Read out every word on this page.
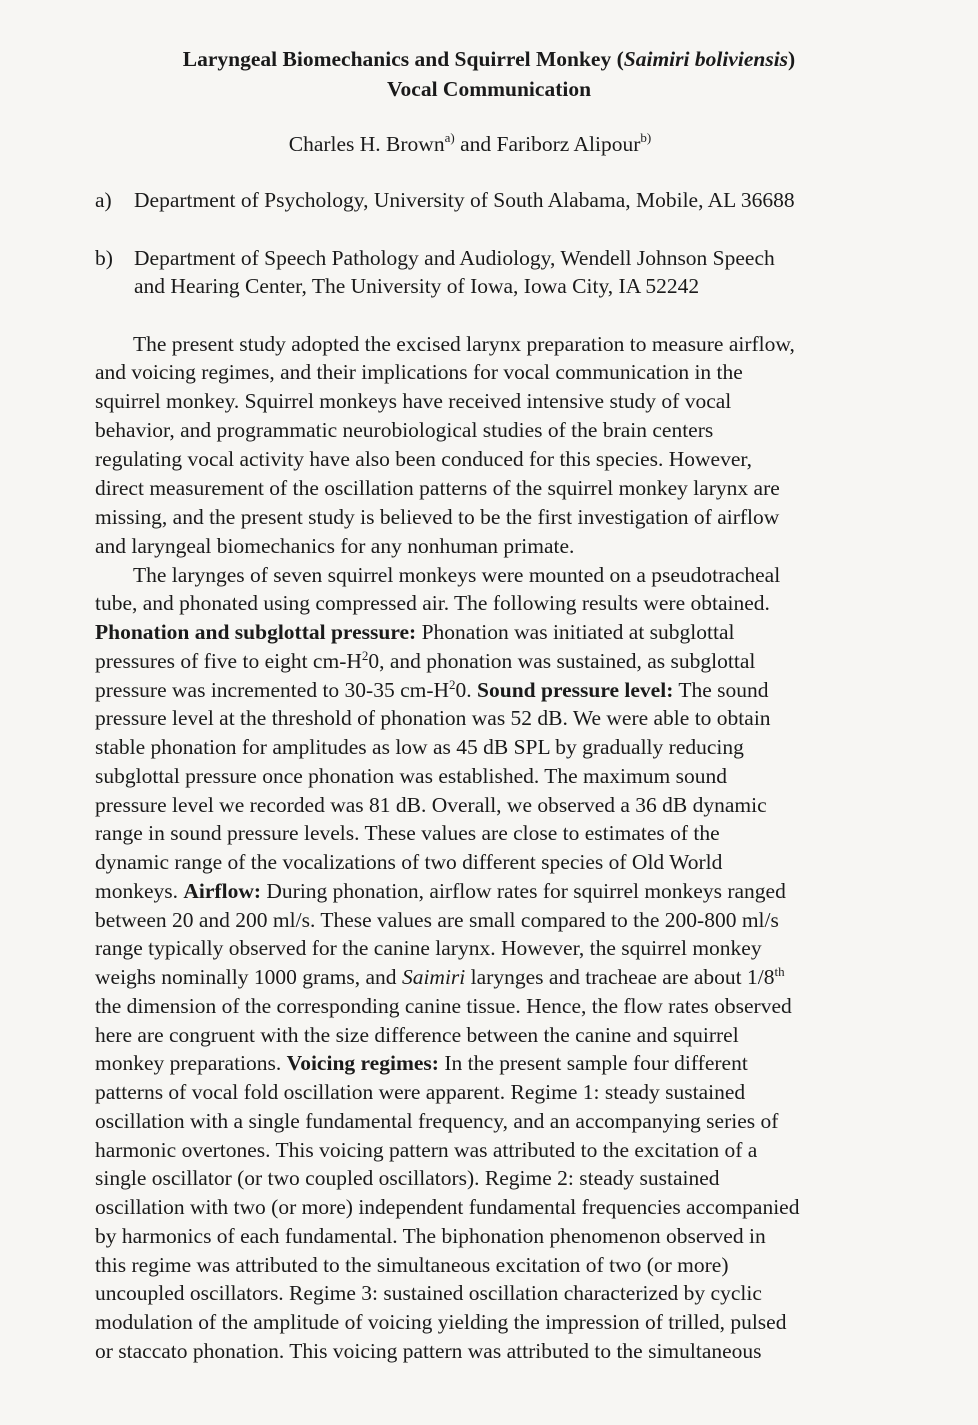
Laryngeal Biomechanics and Squirrel Monkey (Saimiri boliviensis)
Vocal Communication
Charles H. Brown$^{a)}$ and Fariborz Alipour$^{b)}$
a) Department of Psychology, University of South Alabama, Mobile, AL 36688
b) Department of Speech Pathology and Audiology, Wendell Johnson Speech
and Hearing Center, The University of Iowa, Iowa City, IA 52242
The present study adopted the excised larynx preparation to measure airflow,
and voicing regimes, and their implications for vocal communication in the
squirrel monkey. Squirrel monkeys have received intensive study of vocal
behavior, and programmatic neurobiological studies of the brain centers
regulating vocal activity have also been conduced for this species. However,
direct measurement of the oscillation patterns of the squirrel monkey larynx are
missing, and the present study is believed to be the first investigation of airflow
and laryngeal biomechanics for any nonhuman primate.
The larynges of seven squirrel monkeys were mounted on a pseudotracheal
tube, and phonated using compressed air. The following results were obtained.
Phonation and subglottal pressure: Phonation was initiated at subglottal
pressures of five to eight $cm-H^20$, and phonation was sustained, as subglottal
pressure was incremented to 30-35 $cm-H^20$. Sound pressure level: The sound
pressure level at the threshold of phonation was 52 dB. We were able to obtain
stable phonation for amplitudes as low as 45 dB SPL by gradually reducing
subglottal pressure once phonation was established. The maximum sound
pressure level we recorded was 81 dB. Overall, we observed a 36 dB dynamic
range in sound pressure levels. These values are close to estimates of the
dynamic range of the vocalizations of two different species of Old World
monkeys. Airflow: During phonation, airflow rates for squirrel monkeys ranged
between 20 and 200 ml/s. These values are small compared to the 200-800 ml/s
range typically observed for the canine larynx. However, the squirrel monkey
weighs nominally 1000 grams, and Saimiri larynges and tracheae are about 1/8th
the dimension of the corresponding canine tissue. Hence, the flow rates observed
here are congruent with the size difference between the canine and squirrel
monkey preparations. Voicing regimes: In the present sample four different
patterns of vocal fold oscillation were apparent. Regime 1: steady sustained
oscillation with a single fundamental frequency, and an accompanying series of
harmonic overtones. This voicing pattern was attributed to the excitation of a
single oscillator (or two coupled oscillators). Regime 2: steady sustained
oscillation with two (or more) independent fundamental frequencies accompanied
by harmonics of each fundamental. The biphonation phenomenon observed in
this regime was attributed to the simultaneous excitation of two (or more)
uncoupled oscillators. Regime 3: sustained oscillation characterized by cyclic
modulation of the amplitude of voicing yielding the impression of trilled, pulsed
or staccato phonation. This voicing pattern was attributed to the simultaneous
